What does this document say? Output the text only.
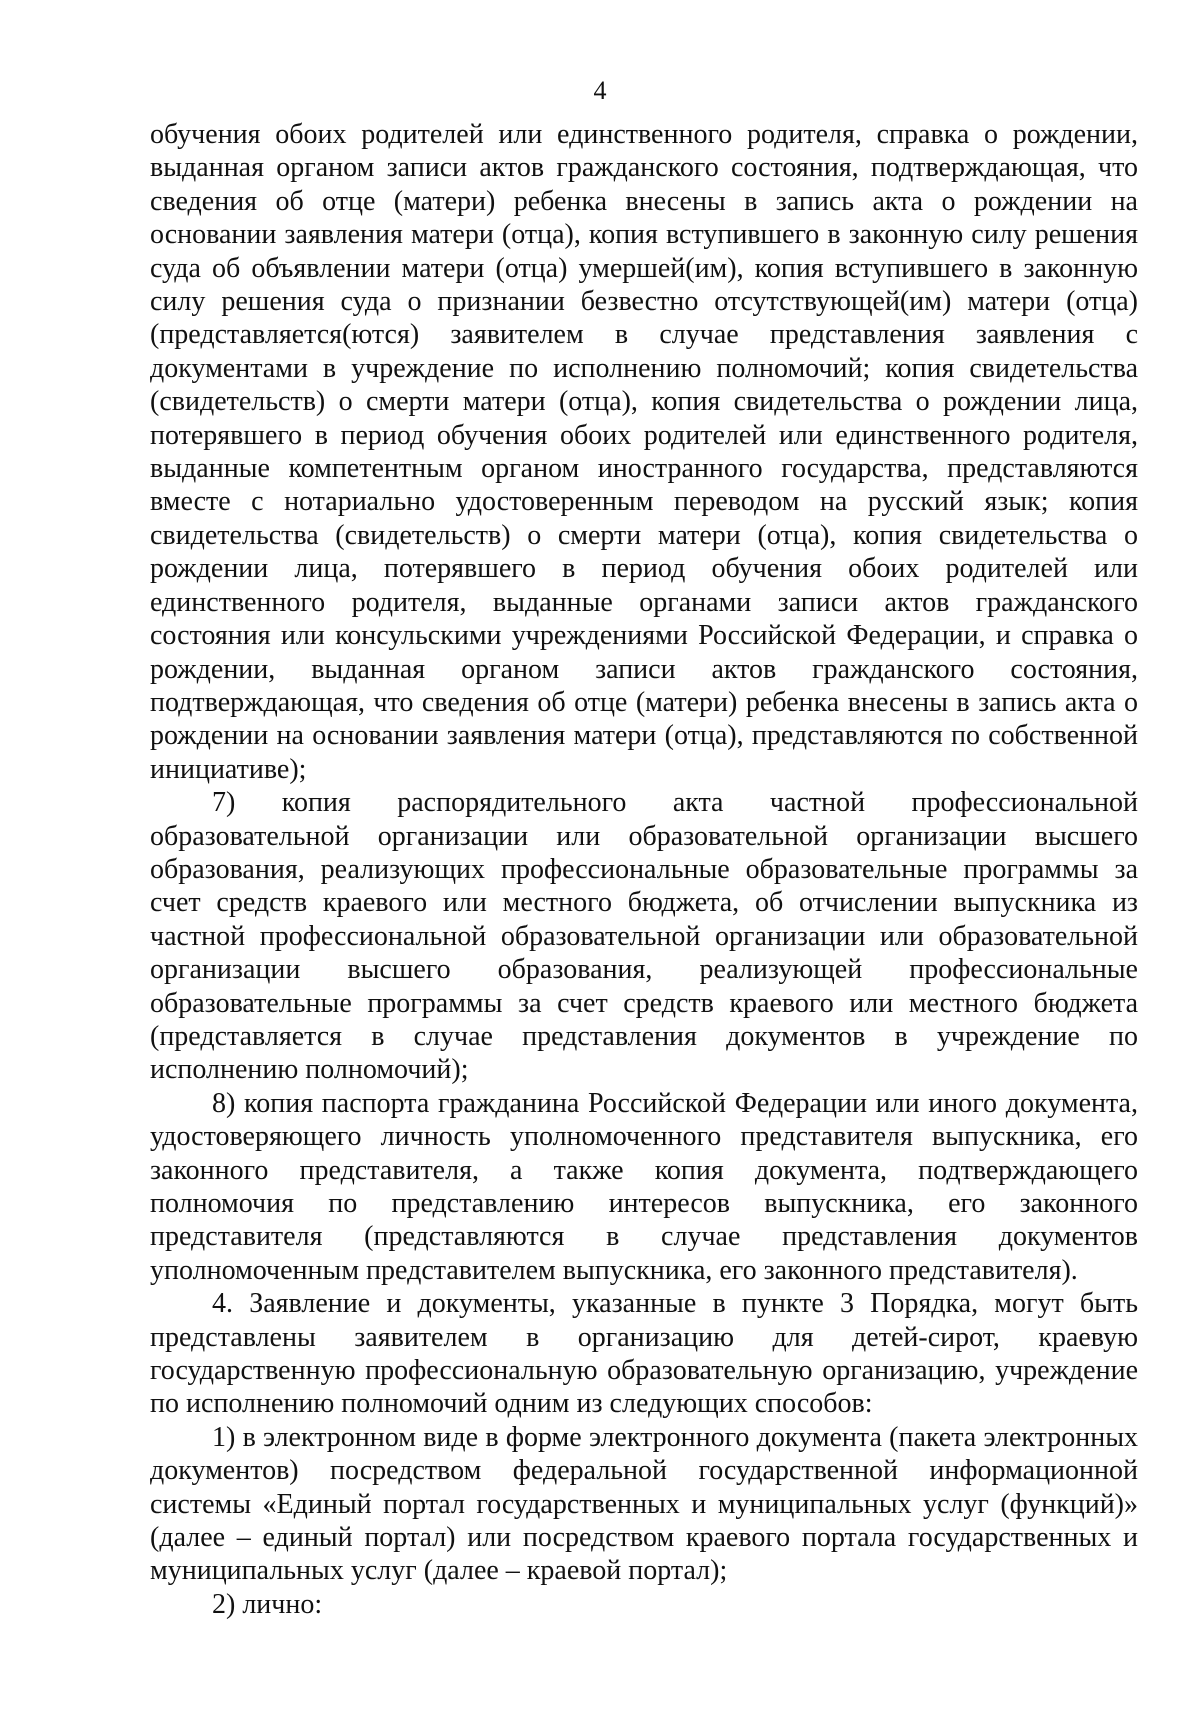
4

обучения обоих родителей или единственного родителя, справка о рождении, выданная органом записи актов гражданского состояния, подтверждающая, что сведения об отце (матери) ребенка внесены в запись акта о рождении на основании заявления матери (отца), копия вступившего в законную силу решения суда об объявлении матери (отца) умершей(им), копия вступившего в законную силу решения суда о признании безвестно отсутствующей(им) матери (отца) (представляется(ются) заявителем в случае представления заявления с документами в учреждение по исполнению полномочий; копия свидетельства (свидетельств) о смерти матери (отца), копия свидетельства о рождении лица, потерявшего в период обучения обоих родителей или единственного родителя, выданные компетентным органом иностранного государства, представляются вместе с нотариально удостоверенным переводом на русский язык; копия свидетельства (свидетельств) о смерти матери (отца), копия свидетельства о рождении лица, потерявшего в период обучения обоих родителей или единственного родителя, выданные органами записи актов гражданского состояния или консульскими учреждениями Российской Федерации, и справка о рождении, выданная органом записи актов гражданского состояния, подтверждающая, что сведения об отце (матери) ребенка внесены в запись акта о рождении на основании заявления матери (отца), представляются по собственной инициативе);

7) копия распорядительного акта частной профессиональной образовательной организации или образовательной организации высшего образования, реализующих профессиональные образовательные программы за счет средств краевого или местного бюджета, об отчислении выпускника из частной профессиональной образовательной организации или образовательной организации высшего образования, реализующей профессиональные образовательные программы за счет средств краевого или местного бюджета (представляется в случае представления документов в учреждение по исполнению полномочий);

8) копия паспорта гражданина Российской Федерации или иного документа, удостоверяющего личность уполномоченного представителя выпускника, его законного представителя, а также копия документа, подтверждающего полномочия по представлению интересов выпускника, его законного представителя (представляются в случае представления документов уполномоченным представителем выпускника, его законного представителя).

4. Заявление и документы, указанные в пункте 3 Порядка, могут быть представлены заявителем в организацию для детей-сирот, краевую государственную профессиональную образовательную организацию, учреждение по исполнению полномочий одним из следующих способов:

1) в электронном виде в форме электронного документа (пакета электронных документов) посредством федеральной государственной информационной системы «Единый портал государственных и муниципальных услуг (функций)» (далее – единый портал) или посредством краевого портала государственных и муниципальных услуг (далее – краевой портал);

2) лично:
